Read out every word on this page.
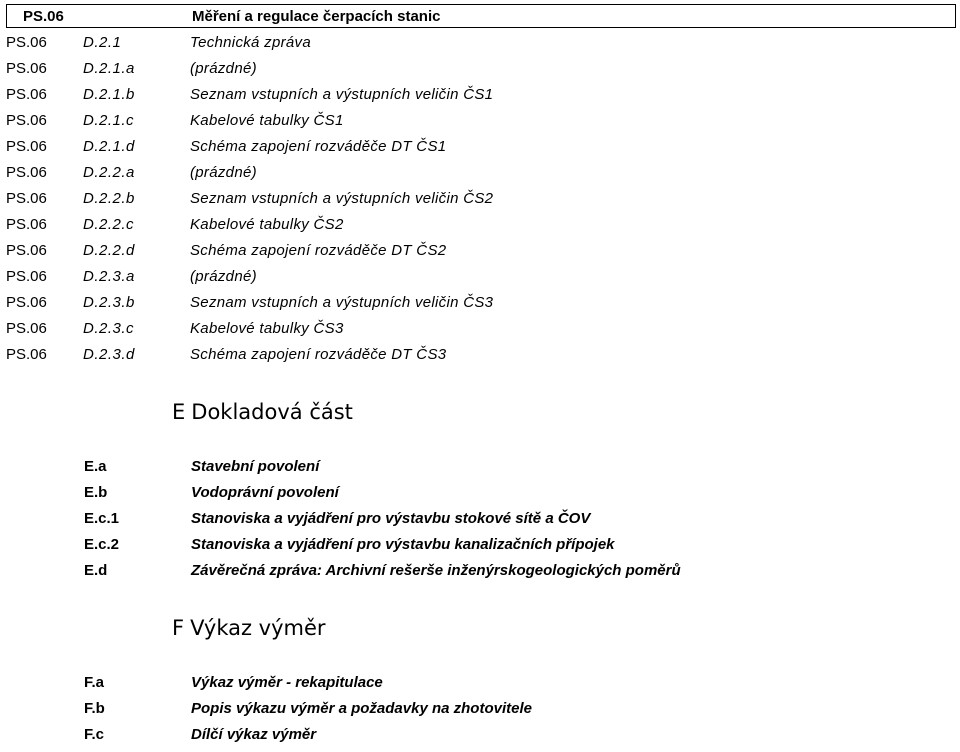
PS.06	Měření a regulace čerpacích stanic
PS.06	D.2.1	Technická zpráva
PS.06	D.2.1.a	(prázdné)
PS.06	D.2.1.b	Seznam vstupních a výstupních veličin ČS1
PS.06	D.2.1.c	Kabelové tabulky ČS1
PS.06	D.2.1.d	Schéma zapojení rozváděče DT ČS1
PS.06	D.2.2.a	(prázdné)
PS.06	D.2.2.b	Seznam vstupních a výstupních veličin ČS2
PS.06	D.2.2.c	Kabelové tabulky ČS2
PS.06	D.2.2.d	Schéma zapojení rozváděče DT ČS2
PS.06	D.2.3.a	(prázdné)
PS.06	D.2.3.b	Seznam vstupních a výstupních veličin ČS3
PS.06	D.2.3.c	Kabelové tabulky ČS3
PS.06	D.2.3.d	Schéma zapojení rozváděče DT ČS3
E Dokladová část
E.a	Stavební povolení
E.b	Vodoprávní povolení
E.c.1	Stanoviska a vyjádření pro výstavbu stokové sítě a ČOV
E.c.2	Stanoviska a vyjádření pro výstavbu kanalizačních přípojek
E.d	Závěrečná zpráva: Archivní rešerše inženýrskogeologických poměrů
F Výkaz výměr
F.a	Výkaz výměr - rekapitulace
F.b	Popis výkazu výměr a požadavky na zhotovitele
F.c	Dílčí výkaz výměr
